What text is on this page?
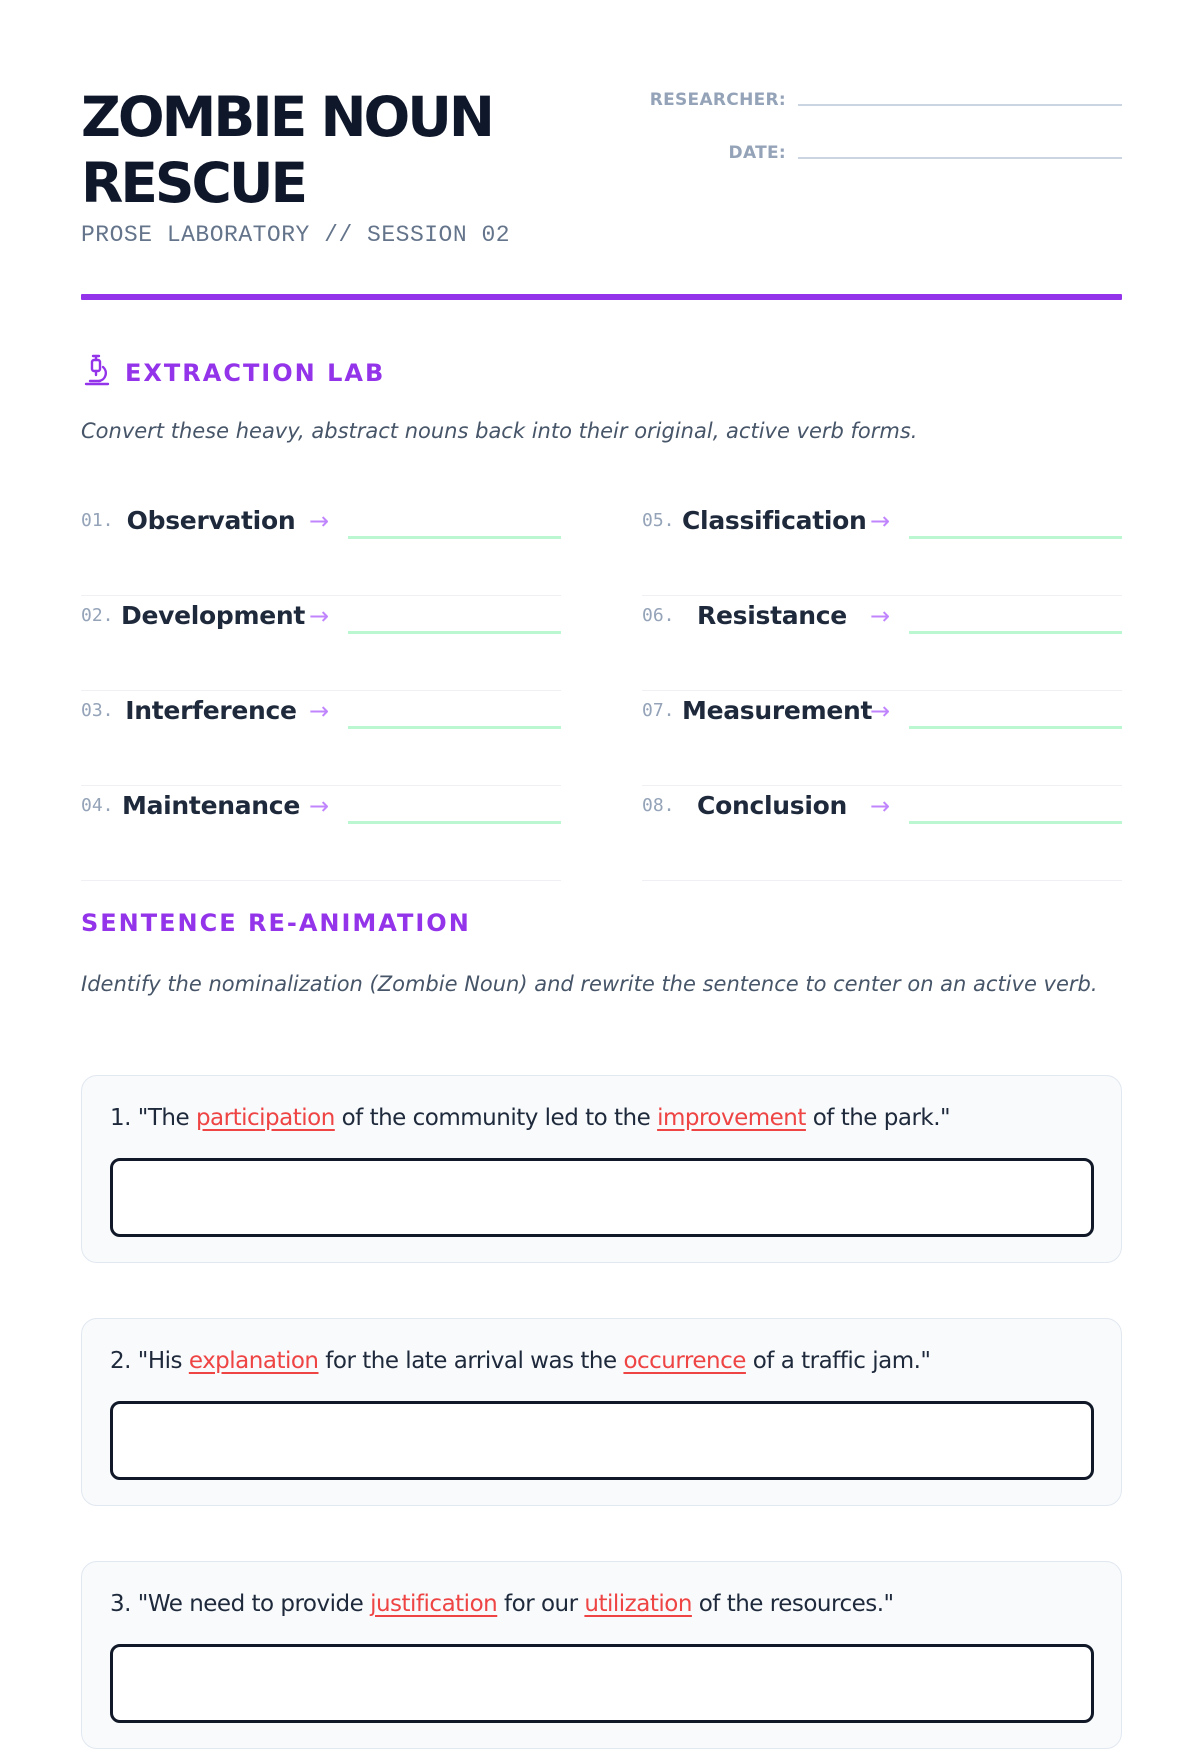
ZOMBIE NOUN RESCUE
PROSE LABORATORY // SESSION 02
RESEARCHER:
DATE:
EXTRACTION LAB

Convert these heavy, abstract nouns back into their original, active verb forms.

01. Observation →
02. Development →
03. Interference →
04. Maintenance →
05. Classification →
06. Resistance →
07. Measurement
→
08. Conclusion →
SENTENCE RE-ANIMATION

Identify the nominalization (Zombie Noun) and rewrite the sentence to center on an active verb.

1. "The participation of the community led to the improvement of the park."

2. "His explanation for the late arrival was the occurrence of a traffic jam."

3. "We need to provide justification for our utilization of the resources."
